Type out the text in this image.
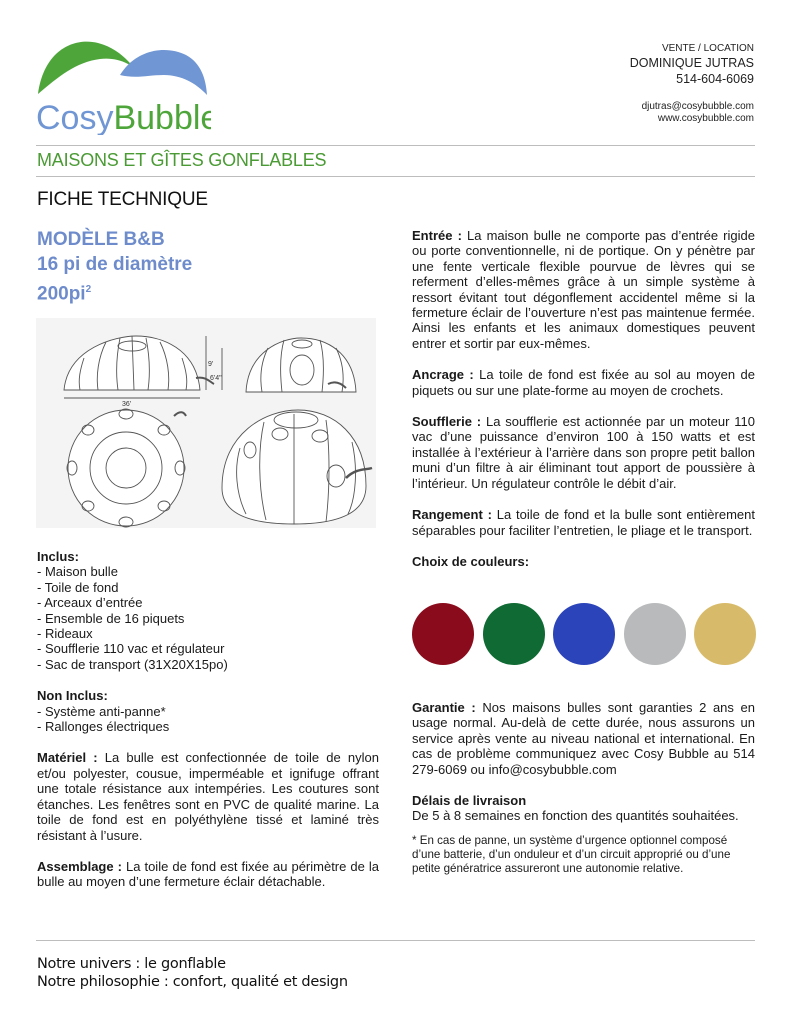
CosyBubble
VENTE / LOCATION
DOMINIQUE JUTRAS
514-604-6069
djutras@cosybubble.com
www.cosybubble.com
MAISONS ET GÎTES GONFLABLES
FICHE TECHNIQUE
MODÈLE B&B
16 pi de diamètre
$200pi^2$
9'
6'4"
36'
Inclus:
- Maison bulle
- Toile de fond
- Arceaux d’entrée
- Ensemble de 16 piquets
- Rideaux
- Soufflerie 110 vac et régulateur
- Sac de transport (31X20X15po)
Non Inclus:
- Système anti-panne*
- Rallonges électriques

Matériel : La bulle est confectionnée de toile de nylon et/ou polyester, cousue, imperméable et ignifuge offrant une totale résistance aux intempéries. Les coutures sont étanches. Les fenêtres sont en PVC de qualité marine. La toile de fond est en polyéthylène tissé et laminé très résistant à l’usure.

Assemblage : La toile de fond est fixée au périmètre de la bulle au moyen d’une fermeture éclair détachable.

Entrée : La maison bulle ne comporte pas d’entrée rigide ou porte conventionnelle, ni de portique. On y pénètre par une fente verticale flexible pourvue de lèvres qui se referment d’elles-mêmes grâce à un simple système à ressort évitant tout dégonflement accidentel même si la fermeture éclair de l’ouverture n’est pas maintenue fermée. Ainsi les enfants et les animaux domestiques peuvent entrer et sortir par eux-mêmes.

Ancrage : La toile de fond est fixée au sol au moyen de piquets ou sur une plate-forme au moyen de crochets.

Soufflerie : La soufflerie est actionnée par un moteur 110 vac d’une puissance d’environ 100 à 150 watts et est installée à l’extérieur à l’arrière dans son propre petit ballon muni d’un filtre à air éliminant tout apport de poussière à l’intérieur. Un régulateur contrôle le débit d’air.

Rangement : La toile de fond et la bulle sont entièrement séparables pour faciliter l’entretien, le pliage et le transport.

Choix de couleurs:

Garantie : Nos maisons bulles sont garanties 2 ans en usage normal. Au-delà de cette durée, nous assurons un service après vente au niveau national et international. En cas de problème communiquez avec Cosy Bubble au 514 279-6069 ou info@cosybubble.com

Délais de livraison
De 5 à 8 semaines en fonction des quantités souhaitées.

* En cas de panne, un système d’urgence optionnel composé d’une batterie, d’un onduleur et d’un circuit approprié ou d’une petite génératrice assureront une autonomie relative.

Notre univers : le gonflable
Notre philosophie : confort, qualité et design
